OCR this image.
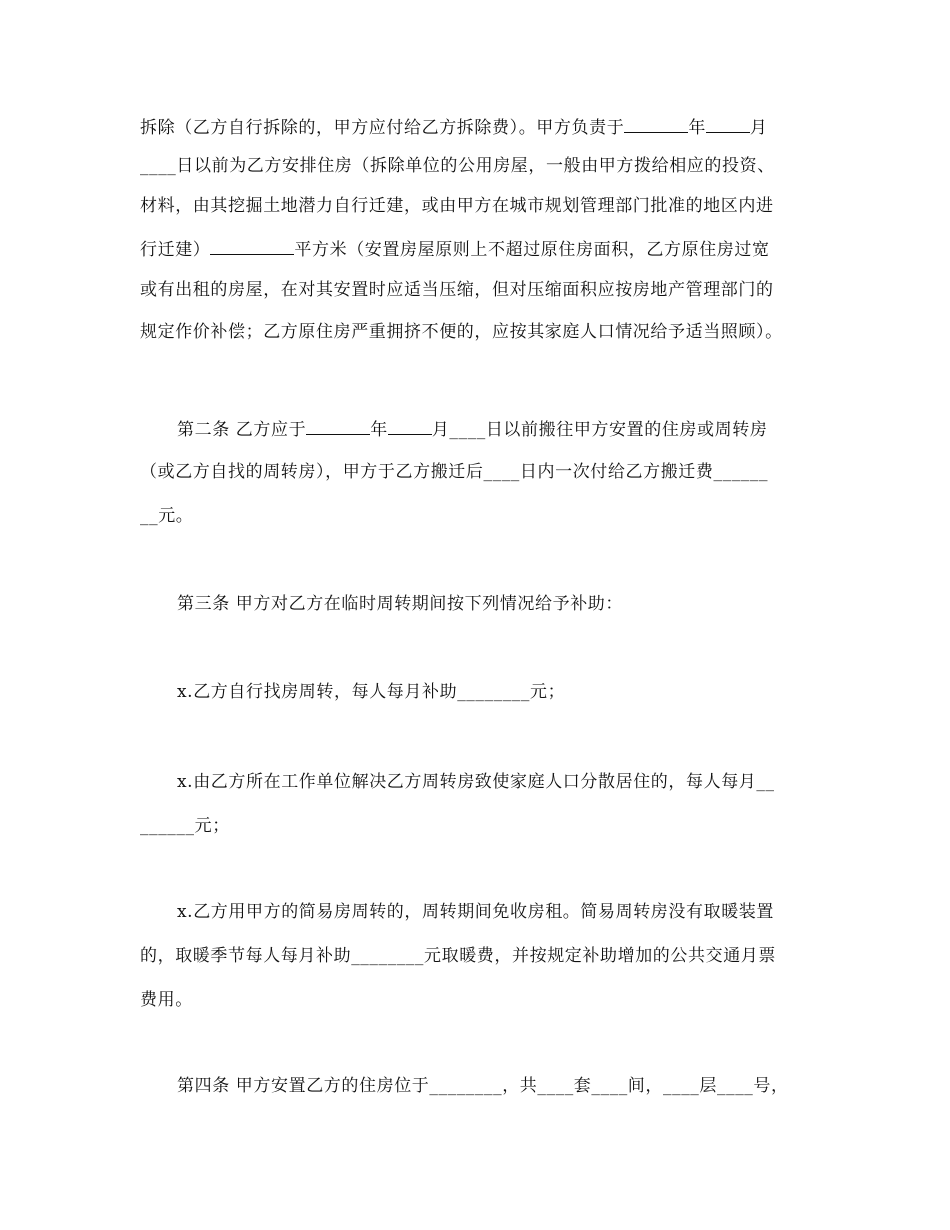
拆除（乙方自行拆除的，甲方应付给乙方拆除费）。甲方负责于	年	月
____日以前为乙方安排住房（拆除单位的公用房屋，一般由甲方拨给相应的投资、
材料，由其挖掘土地潜力自行迁建，或由甲方在城市规划管理部门批准的地区内进
行迁建）	平方米（安置房屋原则上不超过原住房面积，乙方原住房过宽
或有出租的房屋，在对其安置时应适当压缩，但对压缩面积应按房地产管理部门的
规定作价补偿；乙方原住房严重拥挤不便的，应按其家庭人口情况给予适当照顾）。
第二条 乙方应于	年	月____日以前搬往甲方安置的住房或周转房
（或乙方自找的周转房），甲方于乙方搬迁后____日内一次付给乙方搬迁费______
__元。
第三条 甲方对乙方在临时周转期间按下列情况给予补助：
x.乙方自行找房周转，每人每月补助________元；
x.由乙方所在工作单位解决乙方周转房致使家庭人口分散居住的，每人每月__
______元；
x.乙方用甲方的简易房周转的，周转期间免收房租。简易周转房没有取暖装置
的，取暖季节每人每月补助________元取暖费，并按规定补助增加的公共交通月票
费用。
第四条 甲方安置乙方的住房位于________，共____套____间，____层____号，
